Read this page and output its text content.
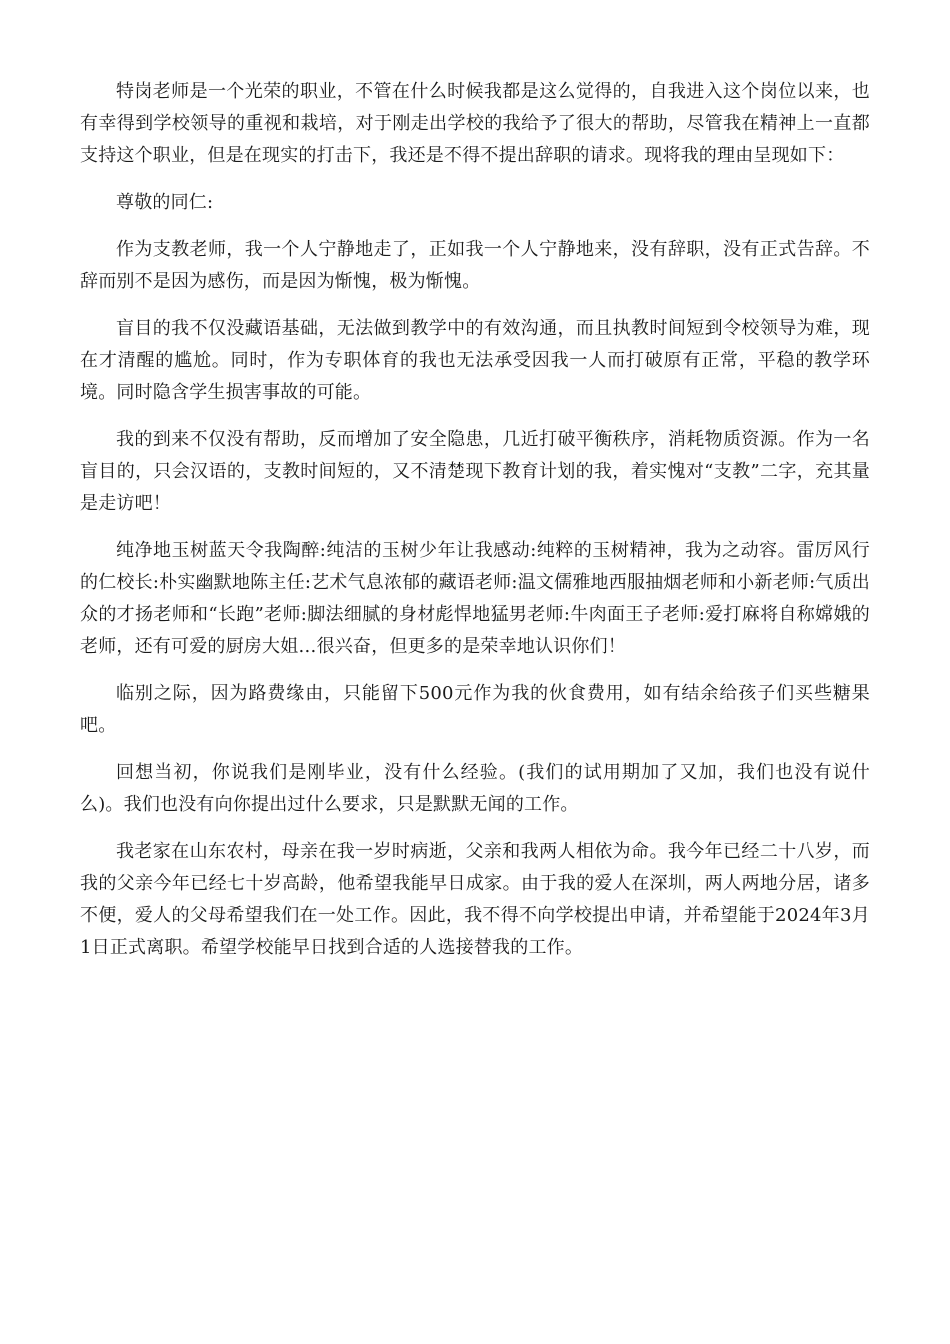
特岗老师是一个光荣的职业，不管在什么时候我都是这么觉得的，自我进入这个岗位以来，也有幸得到学校领导的重视和栽培，对于刚走出学校的我给予了很大的帮助，尽管我在精神上一直都支持这个职业，但是在现实的打击下，我还是不得不提出辞职的请求。现将我的理由呈现如下：

尊敬的同仁:

作为支教老师，我一个人宁静地走了，正如我一个人宁静地来，没有辞职，没有正式告辞。不辞而别不是因为感伤，而是因为惭愧，极为惭愧。

盲目的我不仅没藏语基础，无法做到教学中的有效沟通，而且执教时间短到令校领导为难，现在才清醒的尴尬。同时，作为专职体育的我也无法承受因我一人而打破原有正常，平稳的教学环境。同时隐含学生损害事故的可能。

我的到来不仅没有帮助，反而增加了安全隐患，几近打破平衡秩序，消耗物质资源。作为一名盲目的，只会汉语的，支教时间短的，又不清楚现下教育计划的我，着实愧对“支教”二字，充其量是走访吧！

纯净地玉树蓝天令我陶醉:纯洁的玉树少年让我感动:纯粹的玉树精神，我为之动容。雷厉风行的仁校长:朴实幽默地陈主任:艺术气息浓郁的藏语老师:温文儒雅地西服抽烟老师和小新老师:气质出众的才扬老师和“长跑”老师:脚法细腻的身材彪悍地猛男老师:牛肉面王子老师:爱打麻将自称嫦娥的老师，还有可爱的厨房大姐…很兴奋，但更多的是荣幸地认识你们！

临别之际，因为路费缘由，只能留下500元作为我的伙食费用，如有结余给孩子们买些糖果吧。

回想当初，你说我们是刚毕业，没有什么经验。(我们的试用期加了又加，我们也没有说什么)。我们也没有向你提出过什么要求，只是默默无闻的工作。

我老家在山东农村，母亲在我一岁时病逝，父亲和我两人相依为命。我今年已经二十八岁，而我的父亲今年已经七十岁高龄，他希望我能早日成家。由于我的爱人在深圳，两人两地分居，诸多不便，爱人的父母希望我们在一处工作。因此，我不得不向学校提出申请，并希望能于2024年3月1日正式离职。希望学校能早日找到合适的人选接替我的工作。
